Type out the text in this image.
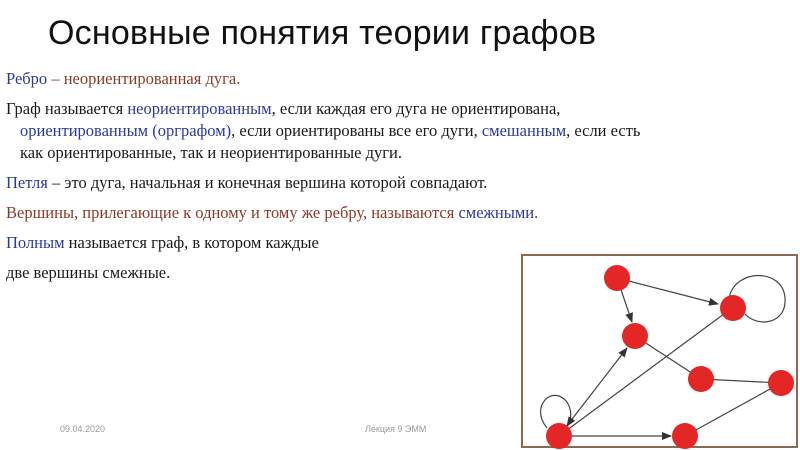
Основные понятия теории графов
Ребро – неориентированная дуга.
Граф называется неориентированным, если каждая его дуга не ориентирована,
ориентированным (орграфом), если ориентированы все его дуги, смешанным, если есть
как ориентированные, так и неориентированные дуги.
Петля – это дуга, начальная и конечная вершина которой совпадают.
Вершины, прилегающие к одному и тому же ребру, называются смежными.
Полным называется граф, в котором каждые
две вершины смежные.
09.04.2020	Лекция 9 ЭММ
